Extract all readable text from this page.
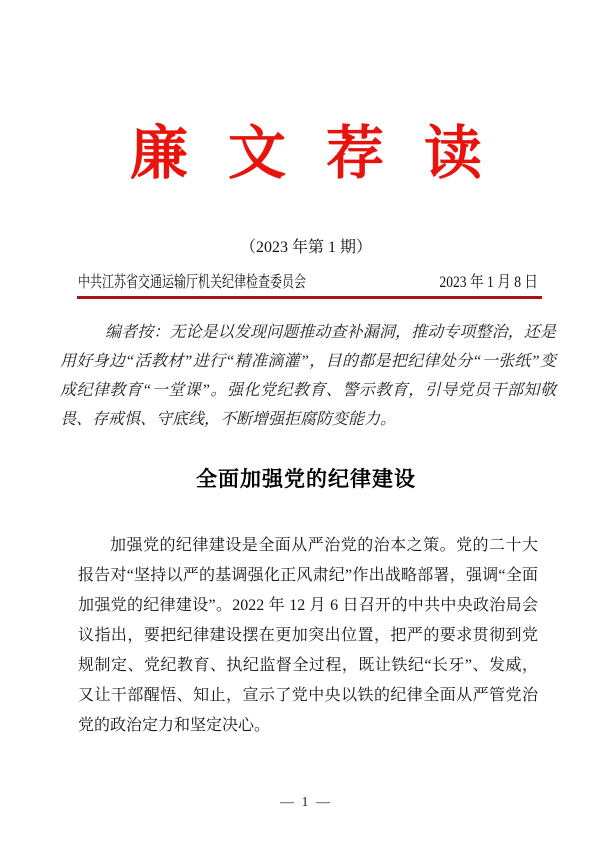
廉 文 荐 读
（2023 年第 1 期）
中共江苏省交通运输厅机关纪律检查委员会	2023 年 1 月 8 日

编者按：无论是以发现问题推动查补漏洞，推动专项整治，还是用好身边“活教材”进行“精准滴灌”，目的都是把纪律处分“一张纸”变成纪律教育“一堂课”。强化党纪教育、警示教育，引导党员干部知敬畏、存戒惧、守底线，不断增强拒腐防变能力。

全面加强党的纪律建设

加强党的纪律建设是全面从严治党的治本之策。党的二十大报告对“坚持以严的基调强化正风肃纪”作出战略部署，强调“全面加强党的纪律建设”。2022 年 12 月 6 日召开的中共中央政治局会议指出，要把纪律建设摆在更加突出位置，把严的要求贯彻到党规制定、党纪教育、执纪监督全过程，既让铁纪“长牙”、发威，又让干部醒悟、知止，宣示了党中央以铁的纪律全面从严管党治党的政治定力和坚定决心。

— 1 —
